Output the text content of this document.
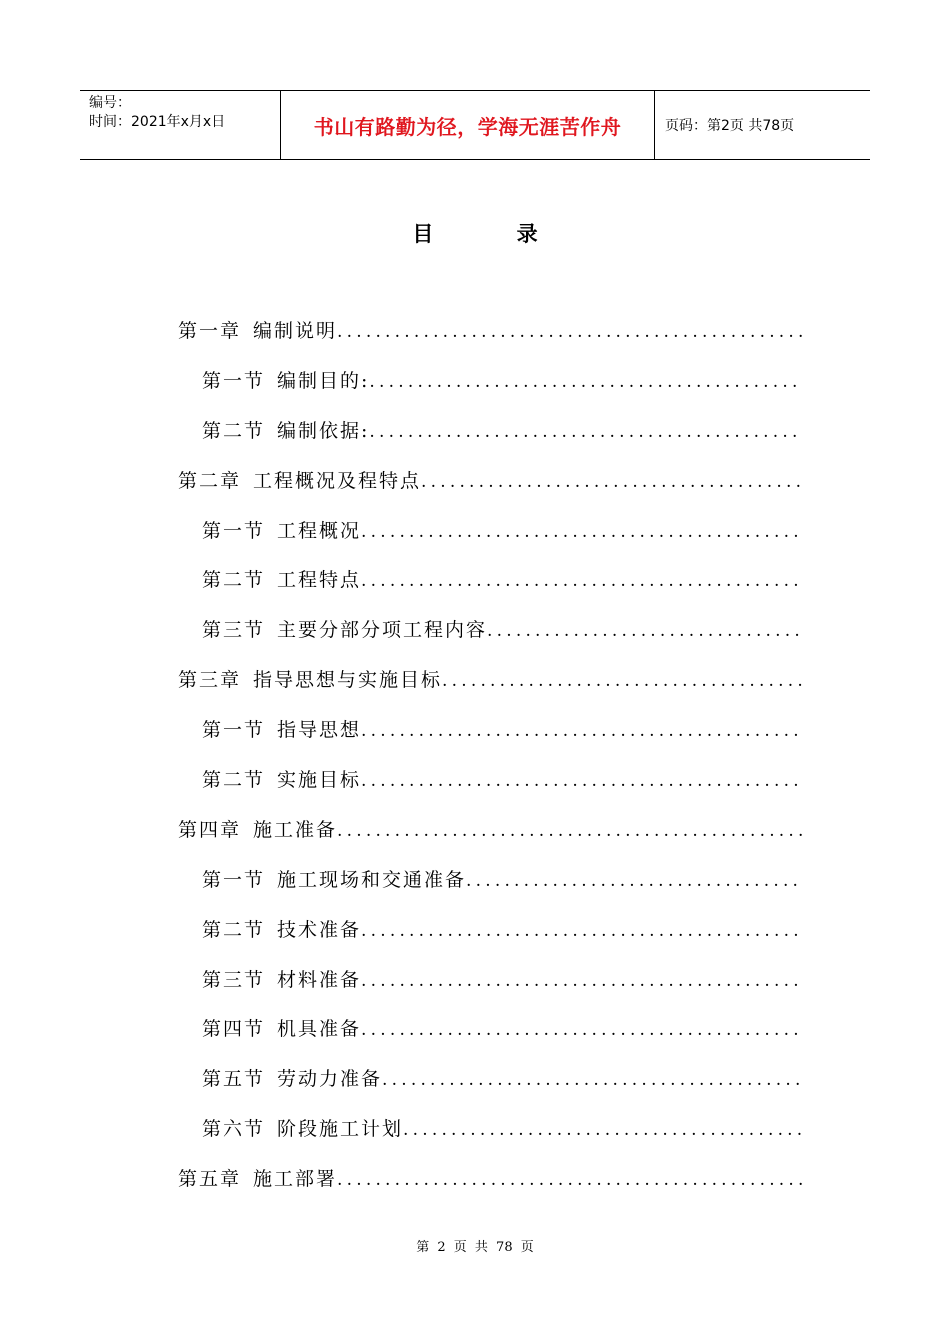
编号：
时间：2021年x月x日	书山有路勤为径，学海无涯苦作舟	页码：第2页 共78页
目 录
第一章 编制说明
.....
第一节 编制目的:
.....
第二节 编制依据:
.....
第二章 工程概况及程特点
.....
第一节 工程概况
.....
第二节 工程特点
.....
第三节 主要分部分项工程内容
.....
第三章 指导思想与实施目标
.....
第一节 指导思想
.....
第二节 实施目标
.....
第四章 施工准备
.....
第一节 施工现场和交通准备
.....
第二节 技术准备
.....
第三节 材料准备
.....
第四节 机具准备
.....
第五节 劳动力准备
.....
第六节 阶段施工计划
.....
第五章 施工部署
.....
第 2 页 共 78 页
